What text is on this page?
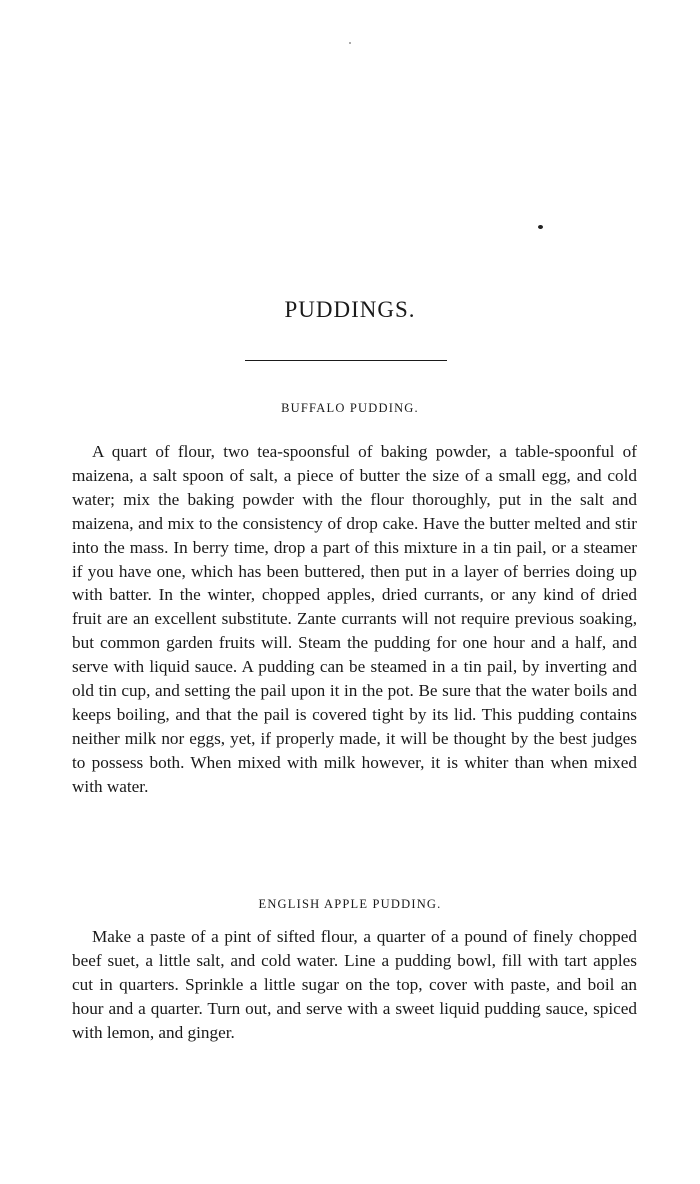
PUDDINGS.
BUFFALO PUDDING.
A quart of flour, two tea-spoonsful of baking powder, a table-spoonful of maizena, a salt spoon of salt, a piece of butter the size of a small egg, and cold water; mix the baking powder with the flour thoroughly, put in the salt and maizena, and mix to the consistency of drop cake. Have the butter melted and stir into the mass. In berry time, drop a part of this mixture in a tin pail, or a steamer if you have one, which has been buttered, then put in a layer of berries doing up with batter. In the winter, chopped apples, dried currants, or any kind of dried fruit are an excellent substitute. Zante currants will not require previous soaking, but common garden fruits will. Steam the pudding for one hour and a half, and serve with liquid sauce. A pudding can be steamed in a tin pail, by inverting and old tin cup, and setting the pail upon it in the pot. Be sure that the water boils and keeps boiling, and that the pail is covered tight by its lid. This pudding contains neither milk nor eggs, yet, if properly made, it will be thought by the best judges to possess both. When mixed with milk however, it is whiter than when mixed with water.
ENGLISH APPLE PUDDING.
Make a paste of a pint of sifted flour, a quarter of a pound of finely chopped beef suet, a little salt, and cold water. Line a pudding bowl, fill with tart apples cut in quarters. Sprinkle a little sugar on the top, cover with paste, and boil an hour and a quarter. Turn out, and serve with a sweet liquid pudding sauce, spiced with lemon, and ginger.
